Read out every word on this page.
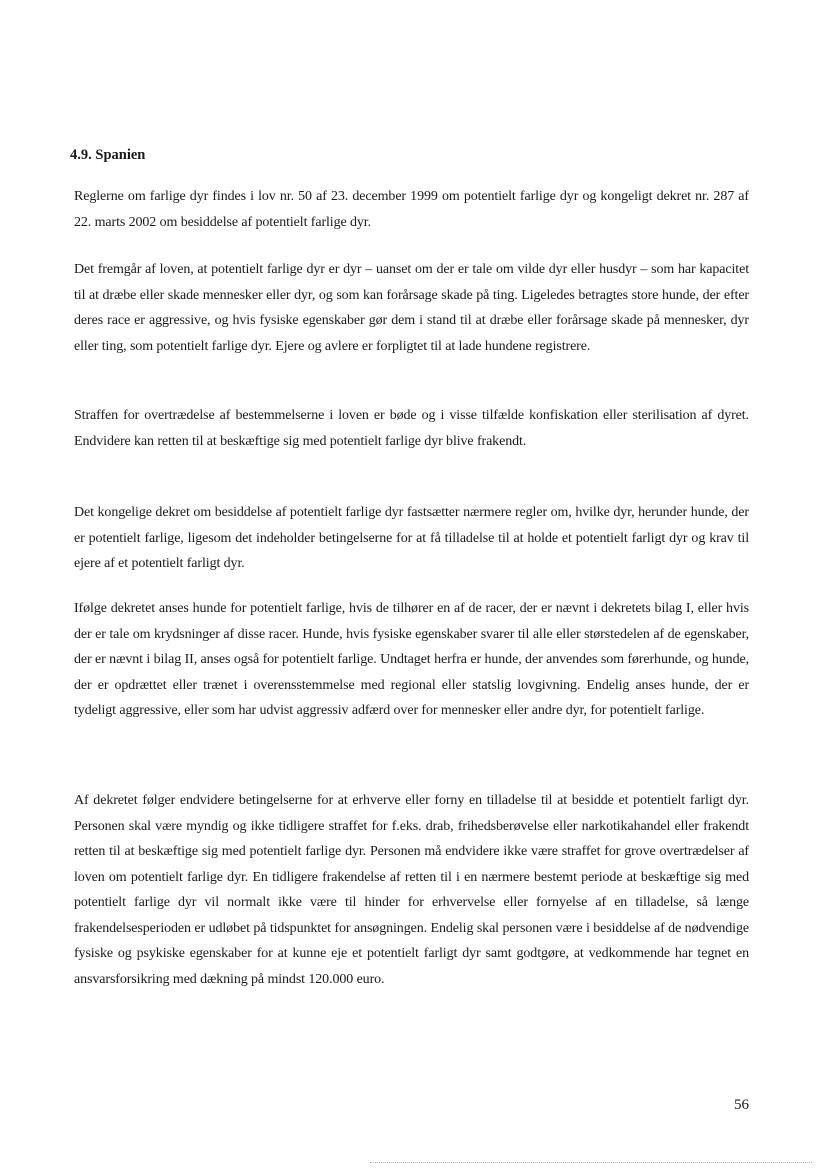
4.9. Spanien

Reglerne om farlige dyr findes i lov nr. 50 af 23. december 1999 om potentielt farlige dyr og kongeligt dekret nr. 287 af 22. marts 2002 om besiddelse af potentielt farlige dyr.

Det fremgår af loven, at potentielt farlige dyr er dyr – uanset om der er tale om vilde dyr eller husdyr – som har kapacitet til at dræbe eller skade mennesker eller dyr, og som kan forårsage skade på ting. Ligeledes betragtes store hunde, der efter deres race er aggressive, og hvis fysiske egenskaber gør dem i stand til at dræbe eller forårsage skade på mennesker, dyr eller ting, som potentielt farlige dyr. Ejere og avlere er forpligtet til at lade hundene registrere.

Straffen for overtrædelse af bestemmelserne i loven er bøde og i visse tilfælde konfiskation eller sterilisation af dyret. Endvidere kan retten til at beskæftige sig med potentielt farlige dyr blive frakendt.

Det kongelige dekret om besiddelse af potentielt farlige dyr fastsætter nærmere regler om, hvilke dyr, herunder hunde, der er potentielt farlige, ligesom det indeholder betingelserne for at få tilladelse til at holde et potentielt farligt dyr og krav til ejere af et potentielt farligt dyr.

Ifølge dekretet anses hunde for potentielt farlige, hvis de tilhører en af de racer, der er nævnt i dekretets bilag I, eller hvis der er tale om krydsninger af disse racer. Hunde, hvis fysiske egenskaber svarer til alle eller størstedelen af de egenskaber, der er nævnt i bilag II, anses også for potentielt farlige. Undtaget herfra er hunde, der anvendes som førerhunde, og hunde, der er opdrættet eller trænet i overensstemmelse med regional eller statslig lovgivning. Endelig anses hunde, der er tydeligt aggressive, eller som har udvist aggressiv adfærd over for mennesker eller andre dyr, for potentielt farlige.

Af dekretet følger endvidere betingelserne for at erhverve eller forny en tilladelse til at besidde et potentielt farligt dyr. Personen skal være myndig og ikke tidligere straffet for f.eks. drab, frihedsberøvelse eller narkotikahandel eller frakendt retten til at beskæftige sig med potentielt farlige dyr. Personen må endvidere ikke være straffet for grove overtrædelser af loven om potentielt farlige dyr. En tidligere frakendelse af retten til i en nærmere bestemt periode at beskæftige sig med potentielt farlige dyr vil normalt ikke være til hinder for erhvervelse eller fornyelse af en tilladelse, så længe frakendelsesperioden er udløbet på tidspunktet for ansøgningen. Endelig skal personen være i besiddelse af de nødvendige fysiske og psykiske egenskaber for at kunne eje et potentielt farligt dyr samt godtgøre, at vedkommende har tegnet en ansvarsforsikring med dækning på mindst 120.000 euro.

56
